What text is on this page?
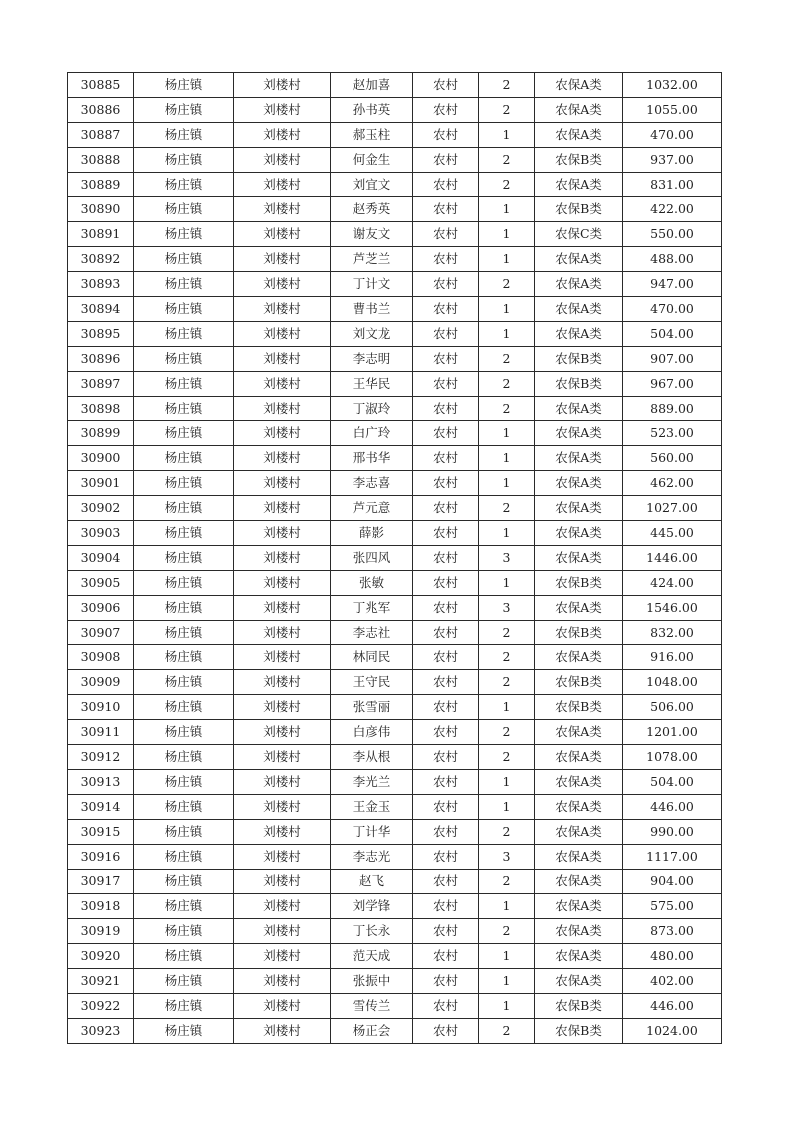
30885	杨庄镇	刘楼村	赵加喜	农村	2	农保A类	1032.00
30886	杨庄镇	刘楼村	孙书英	农村	2	农保A类	1055.00
30887	杨庄镇	刘楼村	郝玉柱	农村	1	农保A类	470.00
30888	杨庄镇	刘楼村	何金生	农村	2	农保B类	937.00
30889	杨庄镇	刘楼村	刘宜文	农村	2	农保A类	831.00
30890	杨庄镇	刘楼村	赵秀英	农村	1	农保B类	422.00
30891	杨庄镇	刘楼村	谢友文	农村	1	农保C类	550.00
30892	杨庄镇	刘楼村	芦芝兰	农村	1	农保A类	488.00
30893	杨庄镇	刘楼村	丁计文	农村	2	农保A类	947.00
30894	杨庄镇	刘楼村	曹书兰	农村	1	农保A类	470.00
30895	杨庄镇	刘楼村	刘文龙	农村	1	农保A类	504.00
30896	杨庄镇	刘楼村	李志明	农村	2	农保B类	907.00
30897	杨庄镇	刘楼村	王华民	农村	2	农保B类	967.00
30898	杨庄镇	刘楼村	丁淑玲	农村	2	农保A类	889.00
30899	杨庄镇	刘楼村	白广玲	农村	1	农保A类	523.00
30900	杨庄镇	刘楼村	邢书华	农村	1	农保A类	560.00
30901	杨庄镇	刘楼村	李志喜	农村	1	农保A类	462.00
30902	杨庄镇	刘楼村	芦元意	农村	2	农保A类	1027.00
30903	杨庄镇	刘楼村	薛影	农村	1	农保A类	445.00
30904	杨庄镇	刘楼村	张四风	农村	3	农保A类	1446.00
30905	杨庄镇	刘楼村	张敏	农村	1	农保B类	424.00
30906	杨庄镇	刘楼村	丁兆军	农村	3	农保A类	1546.00
30907	杨庄镇	刘楼村	李志社	农村	2	农保B类	832.00
30908	杨庄镇	刘楼村	林同民	农村	2	农保A类	916.00
30909	杨庄镇	刘楼村	王守民	农村	2	农保B类	1048.00
30910	杨庄镇	刘楼村	张雪丽	农村	1	农保B类	506.00
30911	杨庄镇	刘楼村	白彦伟	农村	2	农保A类	1201.00
30912	杨庄镇	刘楼村	李从根	农村	2	农保A类	1078.00
30913	杨庄镇	刘楼村	李光兰	农村	1	农保A类	504.00
30914	杨庄镇	刘楼村	王金玉	农村	1	农保A类	446.00
30915	杨庄镇	刘楼村	丁计华	农村	2	农保A类	990.00
30916	杨庄镇	刘楼村	李志光	农村	3	农保A类	1117.00
30917	杨庄镇	刘楼村	赵飞	农村	2	农保A类	904.00
30918	杨庄镇	刘楼村	刘学锋	农村	1	农保A类	575.00
30919	杨庄镇	刘楼村	丁长永	农村	2	农保A类	873.00
30920	杨庄镇	刘楼村	范天成	农村	1	农保A类	480.00
30921	杨庄镇	刘楼村	张振中	农村	1	农保A类	402.00
30922	杨庄镇	刘楼村	雪传兰	农村	1	农保B类	446.00
30923	杨庄镇	刘楼村	杨正会	农村	2	农保B类	1024.00
